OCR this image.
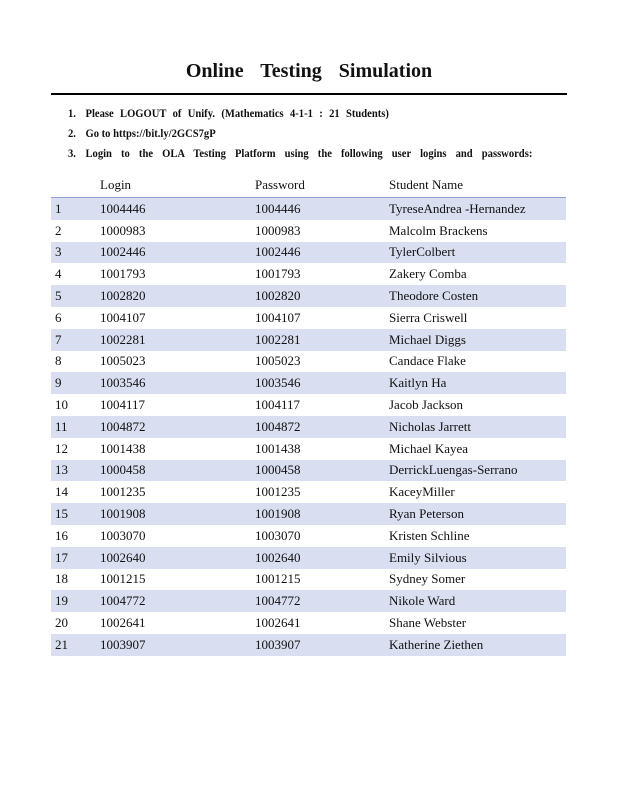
Online Testing Simulation
1. Please LOGOUT of Unify. (Mathematics 4-1-1 : 21 Students)
2. Go to https://bit.ly/2GCS7gP
3. Login to the OLA Testing Platform using the following user logins and passwords:
	Login	Password	Student Name
1	1004446	1004446	TyreseAndrea -Hernandez
2	1000983	1000983	Malcolm Brackens
3	1002446	1002446	TylerColbert
4	1001793	1001793	Zakery Comba
5	1002820	1002820	Theodore Costen
6	1004107	1004107	Sierra Criswell
7	1002281	1002281	Michael Diggs
8	1005023	1005023	Candace Flake
9	1003546	1003546	Kaitlyn Ha
10	1004117	1004117	Jacob Jackson
11	1004872	1004872	Nicholas Jarrett
12	1001438	1001438	Michael Kayea
13	1000458	1000458	DerrickLuengas-Serrano
14	1001235	1001235	KaceyMiller
15	1001908	1001908	Ryan Peterson
16	1003070	1003070	Kristen Schline
17	1002640	1002640	Emily Silvious
18	1001215	1001215	Sydney Somer
19	1004772	1004772	Nikole Ward
20	1002641	1002641	Shane Webster
21	1003907	1003907	Katherine Ziethen
